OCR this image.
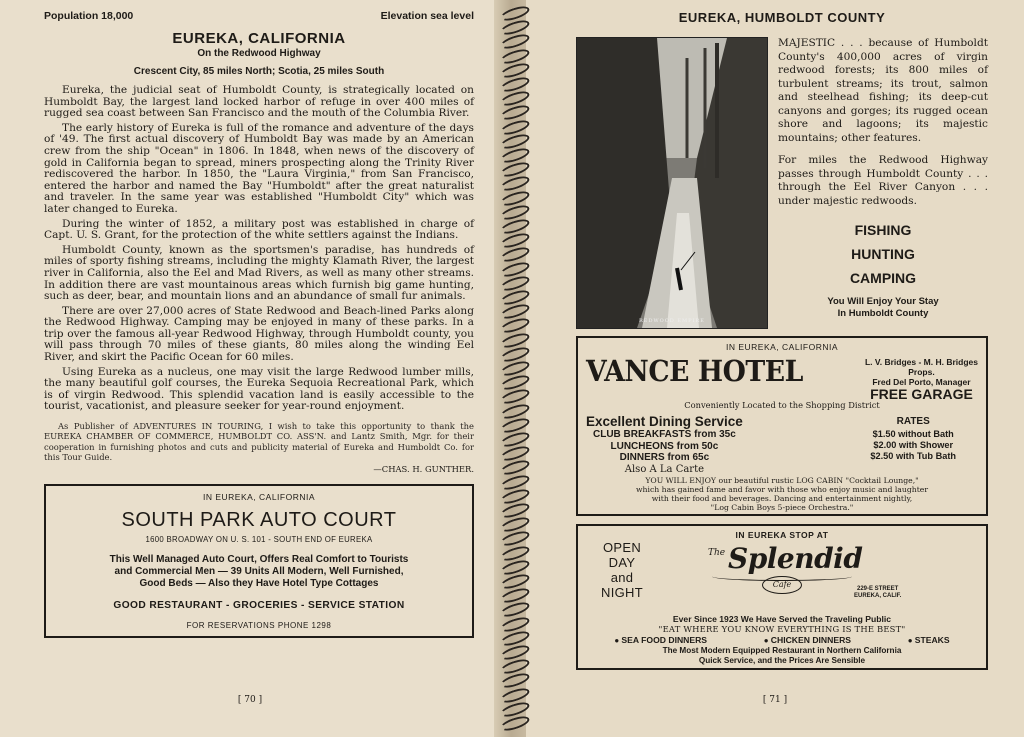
Population 18,000	Elevation sea level
EUREKA, CALIFORNIA
On the Redwood Highway
Crescent City, 85 miles North; Scotia, 25 miles South

Eureka, the judicial seat of Humboldt County, is strategically located on Humboldt Bay, the largest land locked harbor of refuge in over 400 miles of rugged sea coast between San Francisco and the mouth of the Columbia River.

The early history of Eureka is full of the romance and adventure of the days of '49. The first actual discovery of Humboldt Bay was made by an American crew from the ship "Ocean" in 1806. In 1848, when news of the discovery of gold in California began to spread, miners prospecting along the Trinity River rediscovered the harbor. In 1850, the "Laura Virginia," from San Francisco, entered the harbor and named the Bay "Humboldt" after the great naturalist and traveler. In the same year was established "Humboldt City" which was later changed to Eureka.

During the winter of 1852, a military post was established in charge of Capt. U. S. Grant, for the protection of the white settlers against the Indians.

Humboldt County, known as the sportsmen's paradise, has hundreds of miles of sporty fishing streams, including the mighty Klamath River, the largest river in California, also the Eel and Mad Rivers, as well as many other streams. In addition there are vast mountainous areas which furnish big game hunting, such as deer, bear, and mountain lions and an abundance of small fur animals.

There are over 27,000 acres of State Redwood and Beach-lined Parks along the Redwood Highway. Camping may be enjoyed in many of these parks. In a trip over the famous all-year Redwood Highway, through Humboldt county, you will pass through 70 miles of these giants, 80 miles along the winding Eel River, and skirt the Pacific Ocean for 60 miles.

Using Eureka as a nucleus, one may visit the large Redwood lumber mills, the many beautiful golf courses, the Eureka Sequoia Recreational Park, which is of virgin Redwood. This splendid vacation land is easily accessible to the tourist, vacationist, and pleasure seeker for year-round enjoyment.

As Publisher of ADVENTURES IN TOURING, I wish to take this opportunity to thank the EUREKA CHAMBER OF COMMERCE, HUMBOLDT CO. ASS'N. and Lantz Smith, Mgr. for their cooperation in furnishing photos and cuts and publicity material of Eureka and Humboldt Co. for this Tour Guide.

—CHAS. H. GUNTHER.
IN EUREKA, CALIFORNIA
SOUTH PARK AUTO COURT
1600 BROADWAY ON U. S. 101 - SOUTH END OF EUREKA
This Well Managed Auto Court, Offers Real Comfort to Tourists
and Commercial Men — 39 Units All Modern, Well Furnished,
Good Beds — Also they Have Hotel Type Cottages
GOOD RESTAURANT - GROCERIES - SERVICE STATION
FOR RESERVATIONS PHONE 1298
[ 70 ]
EUREKA, HUMBOLDT COUNTY
REDWOOD EMPIRE

MAJESTIC . . . because of Humboldt County's 400,000 acres of virgin redwood forests; its 800 miles of turbulent streams; its trout, salmon and steelhead fishing; its deep-cut canyons and gorges; its rugged ocean shore and lagoons; its majestic mountains; other features.

For miles the Redwood Highway passes through Humboldt County . . . through the Eel River Canyon . . . under majestic redwoods.

FISHING
HUNTING
CAMPING
You Will Enjoy Your Stay
In Humboldt County
IN EUREKA, CALIFORNIA
VANCE HOTEL	L. V. Bridges - M. H. Bridges
Props.
Fred Del Porto, Manager
FREE GARAGE
Conveniently Located to the Shopping District
Excellent Dining Service
CLUB BREAKFASTS from 35c
LUNCHEONS from 50c
DINNERS from 65c
Also A La Carte
RATES
$1.50 without Bath
$2.00 with Shower
$2.50 with Tub Bath
YOU WILL ENJOY our beautiful rustic LOG CABIN "Cocktail Lounge,"
which has gained fame and favor with those who enjoy music and laughter
with their food and beverages. Dancing and entertainment nightly,
"Log Cabin Boys 5-piece Orchestra."
IN EUREKA STOP AT
OPEN
DAY
and
NIGHT
The Splendid
Cafe	229-E STREET
EUREKA, CALIF.
Ever Since 1923 We Have Served the Traveling Public
"EAT WHERE YOU KNOW EVERYTHING IS THE BEST"
● SEA FOOD DINNERS	● CHICKEN DINNERS	● STEAKS
The Most Modern Equipped Restaurant in Northern California
Quick Service, and the Prices Are Sensible
[ 71 ]
